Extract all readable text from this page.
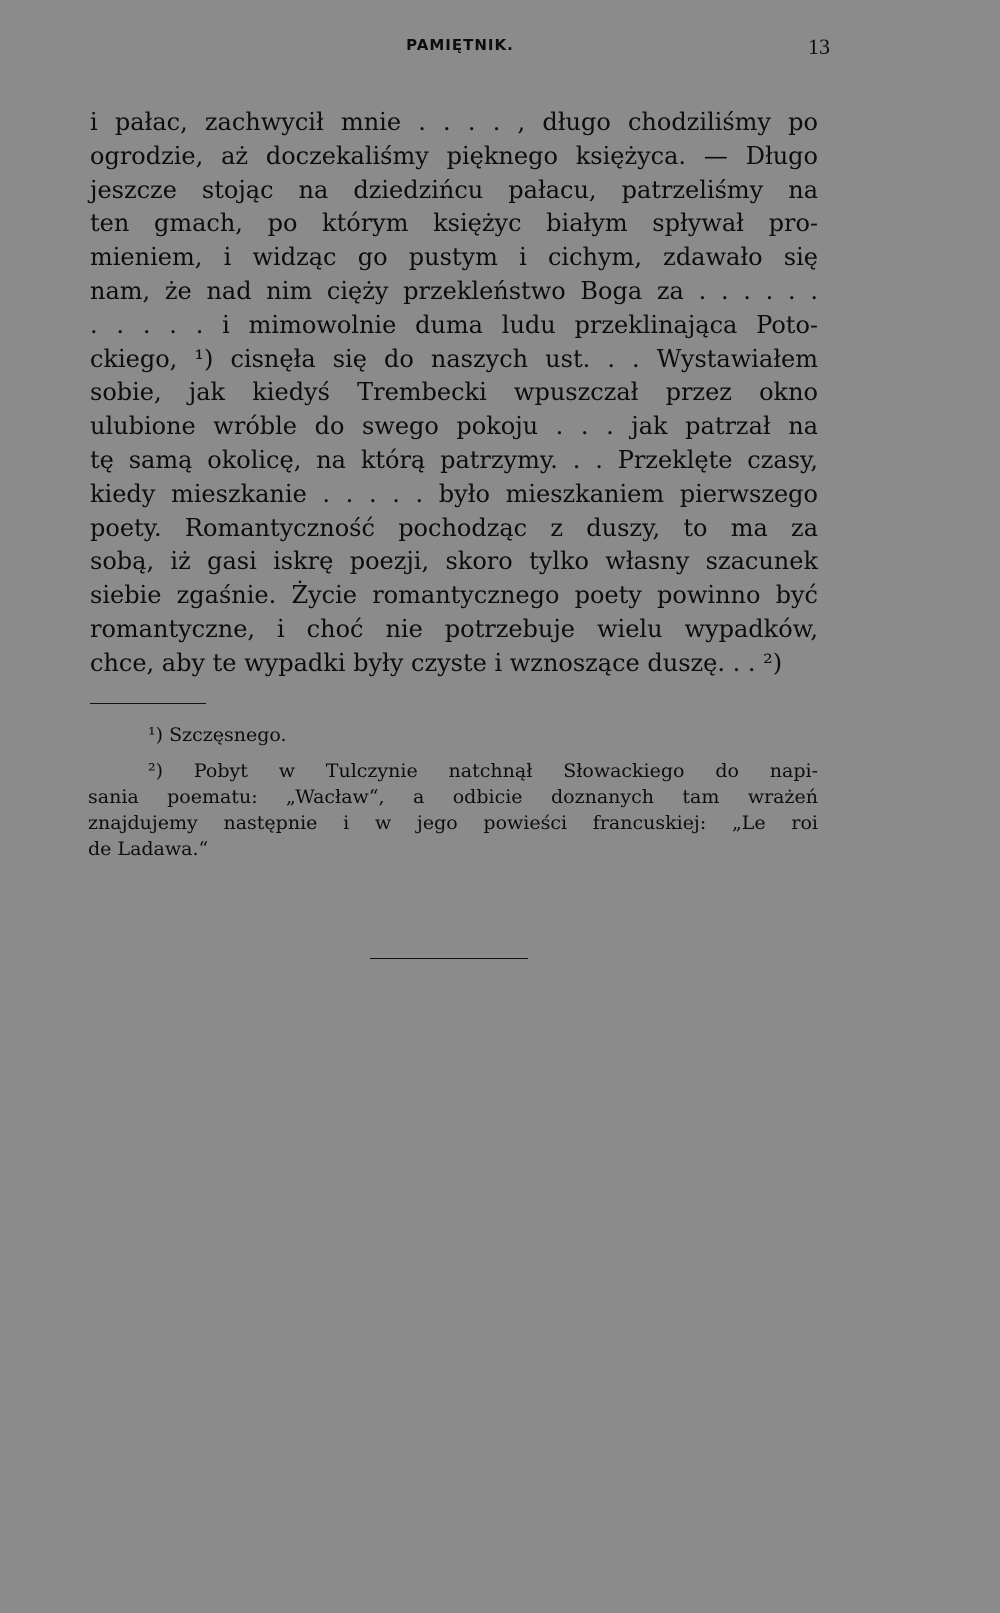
PAMIĘTNIK.	13
i pałac, zachwycił mnie . . . . , długo chodziliśmy po
ogrodzie, aż doczekaliśmy pięknego księżyca. — Długo
jeszcze stojąc na dziedzińcu pałacu, patrzeliśmy na
ten gmach, po którym księżyc białym spływał pro-
mieniem, i widząc go pustym i cichym, zdawało się
nam, że nad nim cięży przekleństwo Boga za . . . . . .
. . . . . i mimowolnie duma ludu przeklinająca Poto-
ckiego, ¹) cisnęła się do naszych ust. . . Wystawiałem
sobie, jak kiedyś Trembecki wpuszczał przez okno
ulubione wróble do swego pokoju . . . jak patrzał na
tę samą okolicę, na którą patrzymy. . . Przeklęte czasy,
kiedy mieszkanie . . . . . było mieszkaniem pierwszego
poety. Romantyczność pochodząc z duszy, to ma za
sobą, iż gasi iskrę poezji, skoro tylko własny szacunek
siebie zgaśnie. Życie romantycznego poety powinno być
romantyczne, i choć nie potrzebuje wielu wypadków,
chce, aby te wypadki były czyste i wznoszące duszę. . . ²)
¹) Szczęsnego.
²) Pobyt w Tulczynie natchnął Słowackiego do napi-
sania poematu: „Wacław“, a odbicie doznanych tam wrażeń
znajdujemy następnie i w jego powieści francuskiej: „Le roi
de Ladawa.“
